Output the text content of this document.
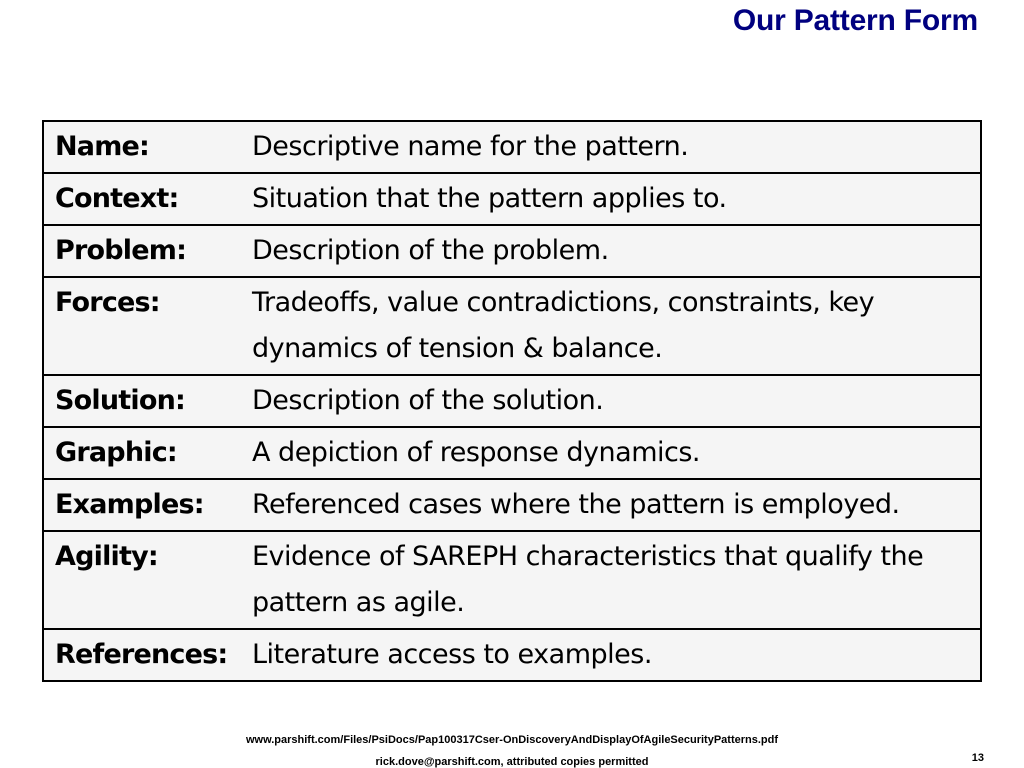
Our Pattern Form
Name:	Descriptive name for the pattern.
Context:	Situation that the pattern applies to.
Problem:	Description of the problem.
Forces:	Tradeoffs, value contradictions, constraints, key dynamics of tension & balance.
Solution:	Description of the solution.
Graphic:	A depiction of response dynamics.
Examples:	Referenced cases where the pattern is employed.
Agility:	Evidence of SAREPH characteristics that qualify the pattern as agile.
References:	Literature access to examples.

www.parshift.com/Files/PsiDocs/Pap100317Cser-OnDiscoveryAndDisplayOfAgileSecurityPatterns.pdf

rick.dove@parshift.com, attributed copies permitted	13
